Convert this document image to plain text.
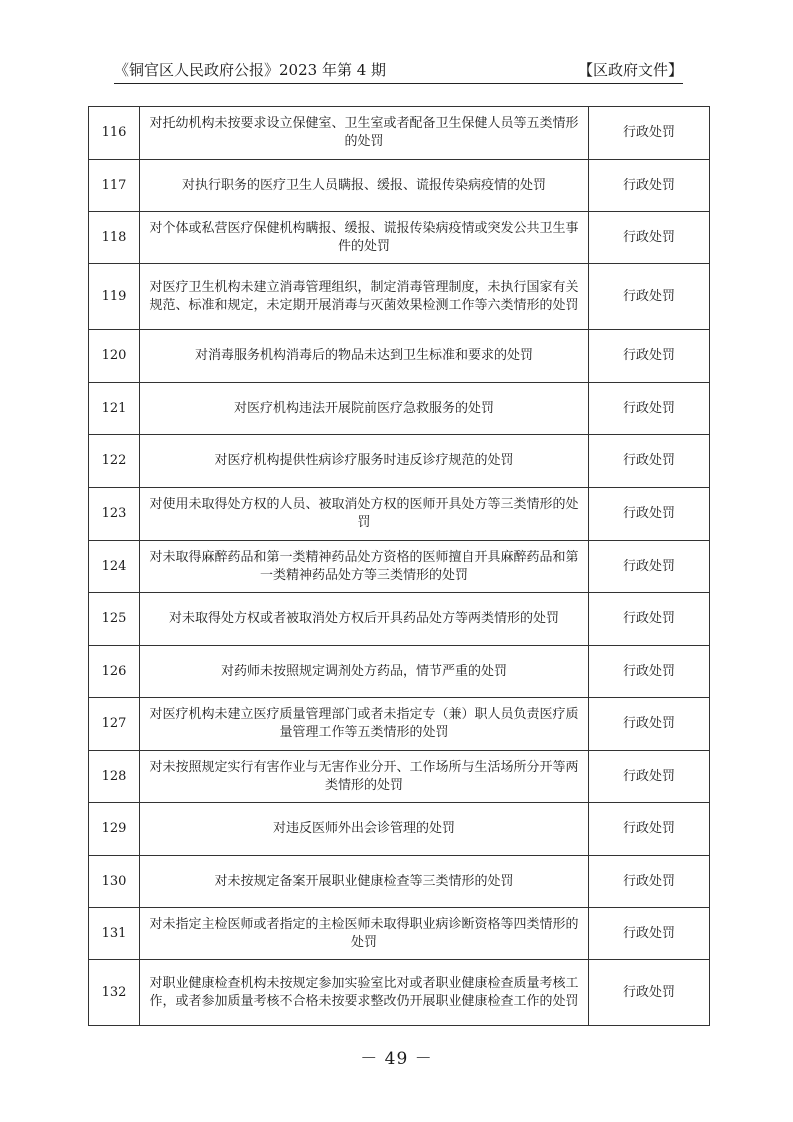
《铜官区人民政府公报》2023 年第 4 期	【区政府文件】
116	对托幼机构未按要求设立保健室、卫生室或者配备卫生保健人员等五类情形的处罚	行政处罚
117	对执行职务的医疗卫生人员瞒报、缓报、谎报传染病疫情的处罚	行政处罚
118	对个体或私营医疗保健机构瞒报、缓报、谎报传染病疫情或突发公共卫生事件的处罚	行政处罚
119	对医疗卫生机构未建立消毒管理组织，制定消毒管理制度，未执行国家有关规范、标准和规定，未定期开展消毒与灭菌效果检测工作等六类情形的处罚	行政处罚
120	对消毒服务机构消毒后的物品未达到卫生标准和要求的处罚	行政处罚
121	对医疗机构违法开展院前医疗急救服务的处罚	行政处罚
122	对医疗机构提供性病诊疗服务时违反诊疗规范的处罚	行政处罚
123	对使用未取得处方权的人员、被取消处方权的医师开具处方等三类情形的处罚	行政处罚
124	对未取得麻醉药品和第一类精神药品处方资格的医师擅自开具麻醉药品和第一类精神药品处方等三类情形的处罚	行政处罚
125	对未取得处方权或者被取消处方权后开具药品处方等两类情形的处罚	行政处罚
126	对药师未按照规定调剂处方药品，情节严重的处罚	行政处罚
127	对医疗机构未建立医疗质量管理部门或者未指定专（兼）职人员负责医疗质量管理工作等五类情形的处罚	行政处罚
128	对未按照规定实行有害作业与无害作业分开、工作场所与生活场所分开等两类情形的处罚	行政处罚
129	对违反医师外出会诊管理的处罚	行政处罚
130	对未按规定备案开展职业健康检查等三类情形的处罚	行政处罚
131	对未指定主检医师或者指定的主检医师未取得职业病诊断资格等四类情形的处罚	行政处罚
132	对职业健康检查机构未按规定参加实验室比对或者职业健康检查质量考核工作，或者参加质量考核不合格未按要求整改仍开展职业健康检查工作的处罚	行政处罚
－ 49 －
